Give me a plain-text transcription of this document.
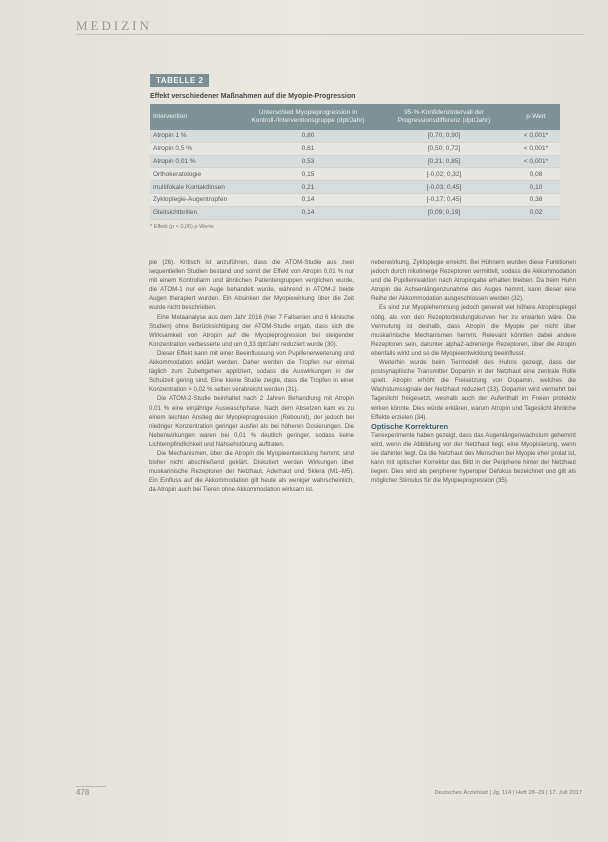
MEDIZIN
TABELLE 2
Effekt verschiedener Maßnahmen auf die Myopie-Progression
Intervention	Unterschied Myopieprogression in Kontroll-/Interventionsgruppe (dpt/Jahr)	95-%-Konfidenzintervall der Progressionsdifferenz (dpt/Jahr)	p-Wert
Atropin 1 %	0,80	[0,70; 0,90]	< 0,001*
Atropin 0,5 %	0,61	[0,50; 0,72]	< 0,001*
Atropin 0,01 %	0,53	[0,21; 0,85]	< 0,001*
Orthokeratologie	0,15	[-0,02; 0,32]	0,08
multifokale Kontaktlinsen	0,21	[-0,03; 0,45]	0,10
Zykloplegie-Augentropfen	0,14	[-0,17; 0,45]	0,38
Gleitsichtbrillen	0,14	[0,09; 0,19]	0,02
* Effekt (p < 0,05) p-Werte

pie (26). Kritisch ist anzuführen, dass die ATOM-Studie aus zwei sequentiellen Studien bestand und somit der Effekt von Atropin 0,01 % nur mit einem Kontrollarm und ähnlichen Patientengruppen verglichen wurde, die ATOM-1 nur ein Auge behandelt wurde, während in ATOM-2 beide Augen therapiert wurden. Ein Absinken der Myopiewirkung über die Zeit wurde nicht beschrieben.

Eine Metaanalyse aus dem Jahr 2016 (hier 7 Fallserien und 6 klinische Studien) ohne Berücksichtigung der ATOM-Studie ergab, dass sich die Wirksamkeit von Atropin auf die Myopieprogression bei steigender Konzentration verbesserte und um 0,33 dpt/Jahr reduziert wurde (30).

Dieser Effekt kann mit einer Beeinflussung von Pupillenerweiterung und Akkommodation erklärt werden. Daher werden die Tropfen nur einmal täglich zum Zubettgehen appliziert, sodass die Auswirkungen in der Schulzeit gering sind. Eine kleine Studie zeigte, dass die Tropfen in einer Konzentration > 0,02 % selten verabreicht werden (31).

Die ATOM-2-Studie beinhaltet nach 2 Jahren Behandlung mit Atropin 0,01 % eine einjährige Auswaschphase. Nach dem Absetzen kam es zu einem leichten Anstieg der Myopieprogression (Rebound), der jedoch bei niedriger Konzentration geringer ausfiel als bei höheren Dosierungen. Die Nebenwirkungen waren bei 0,01 % deutlich geringer, sodass keine Lichtempfindlichkeit und Nahsehstörung auftraten.

Die Mechanismen, über die Atropin die Myopieentwicklung hemmt, sind bisher nicht abschließend geklärt. Diskutiert werden Wirkungen über muskarinische Rezeptoren der Netzhaut, Aderhaut und Sklera (M1–M5). Ein Einfluss auf die Akkommodation gilt heute als weniger wahrscheinlich, da Atropin auch bei Tieren ohne Akkommodation wirksam ist.

nebenwirkung, Zykloplegie erreicht. Bei Hühnern wurden diese Funktionen jedoch durch nikotinerge Rezeptoren vermittelt, sodass die Akkommodation und die Pupillenreaktion nach Atropingabe erhalten bleiben. Da beim Huhn Atropin die Achsenlängenzunahme des Auges hemmt, kann dieser eine Reihe der Akkommodation ausgeschlossen werden (32).

Es sind zur Myopiehemmung jedoch generell viel höhere Atropinspiegel nötig, als von den Rezeptorbindungskurven her zu erwarten wäre. Die Vermutung ist deshalb, dass Atropin die Myopie per nicht über muskarinische Mechanismen hemmt. Relevant könnten dabei andere Rezeptoren sein, darunter alpha2-adrenerge Rezeptoren, über die Atropin ebenfalls wirkt und so die Myopieentwicklung beeinflusst.

Weiterhin wurde beim Tiermodell des Huhns gezeigt, dass der postsynaptische Transmitter Dopamin in der Netzhaut eine zentrale Rolle spielt. Atropin erhöht die Freisetzung von Dopamin, welches die Wachstumssignale der Netzhaut reduziert (33). Dopamin wird vermehrt bei Tageslicht freigesetzt, weshalb auch der Aufenthalt im Freien protektiv wirken könnte. Dies würde erklären, warum Atropin und Tageslicht ähnliche Effekte erzielen (34).

Optische Korrekturen

Tierexperimente haben gezeigt, dass das Augenlängenwachstum gehemmt wird, wenn die Abbildung vor der Netzhaut liegt, eine Myopisierung, wenn sie dahinter liegt. Da die Netzhaut des Menschen bei Myopie eher prolat ist, kann mit optischer Korrektur das Bild in der Peripherie hinter der Netzhaut liegen. Dies wird als peripherer hyperoper Defokus bezeichnet und gilt als möglicher Stimulus für die Myopieprogression (35).

478	Deutsches Ärzteblatt | Jg. 114 | Heft 28–29 | 17. Juli 2017
